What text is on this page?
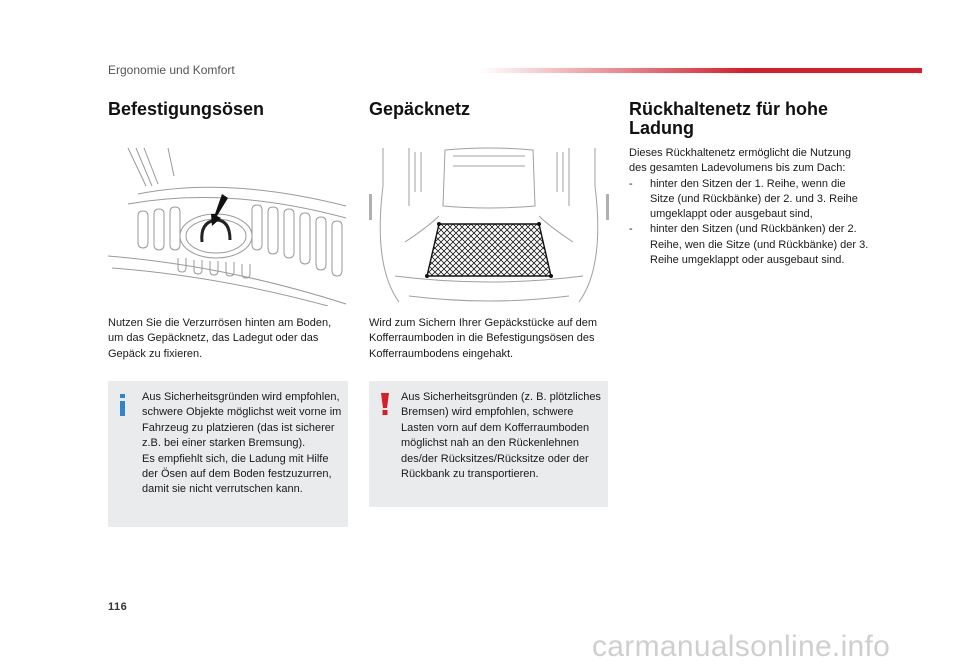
Ergonomie und Komfort
Befestigungsösen	Gepäcknetz	Rückhaltenetz für hohe Ladung
Nutzen Sie die Verzurrösen hinten am Boden, um das Gepäcknetz, das Ladegut oder das Gepäck zu fixieren.
Wird zum Sichern Ihrer Gepäckstücke auf dem Kofferraumboden in die Befestigungsösen des Kofferraumbodens eingehakt.
Dieses Rückhaltenetz ermöglicht die Nutzung des gesamten Ladevolumens bis zum Dach:
- hinter den Sitzen der 1. Reihe, wenn die Sitze (und Rückbänke) der 2. und 3. Reihe umgeklappt oder ausgebaut sind,
- hinter den Sitzen (und Rückbänken) der 2. Reihe, wen die Sitze (und Rückbänke) der 3. Reihe umgeklappt oder ausgebaut sind.
Aus Sicherheitsgründen wird empfohlen, schwere Objekte möglichst weit vorne im Fahrzeug zu platzieren (das ist sicherer z.B. bei einer starken Bremsung).
Es empfiehlt sich, die Ladung mit Hilfe der Ösen auf dem Boden festzuzurren, damit sie nicht verrutschen kann.
Aus Sicherheitsgründen (z. B. plötzliches Bremsen) wird empfohlen, schwere Lasten vorn auf dem Kofferraumboden möglichst nah an den Rückenlehnen des/der Rücksitzes/Rücksitze oder der Rückbank zu transportieren.
116
carmanualsonline.info
